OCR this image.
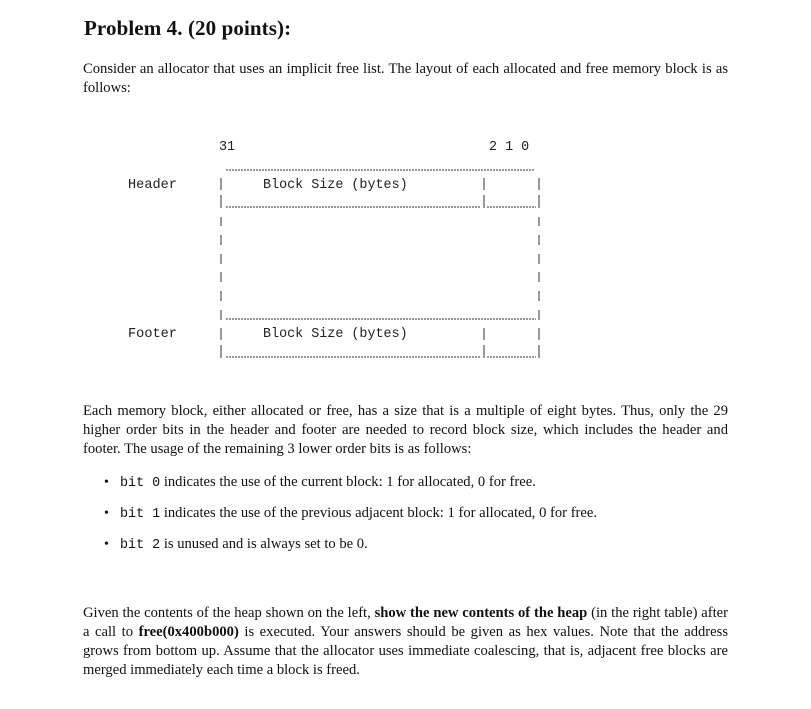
Problem 4. (20 points):
Consider an allocator that uses an implicit free list. The layout of each allocated and free memory block is as follows:
31	2 1 0
Header	Block Size (bytes)
Footer	Block Size (bytes)
Each memory block, either allocated or free, has a size that is a multiple of eight bytes. Thus, only the 29 higher order bits in the header and footer are needed to record block size, which includes the header and footer. The usage of the remaining 3 lower order bits is as follows:
• bit 0 indicates the use of the current block: 1 for allocated, 0 for free.
• bit 1 indicates the use of the previous adjacent block: 1 for allocated, 0 for free.
• bit 2 is unused and is always set to be 0.
Given the contents of the heap shown on the left, show the new contents of the heap (in the right table) after a call to free(0x400b000) is executed. Your answers should be given as hex values. Note that the address grows from bottom up. Assume that the allocator uses immediate coalescing, that is, adjacent free blocks are merged immediately each time a block is freed.
